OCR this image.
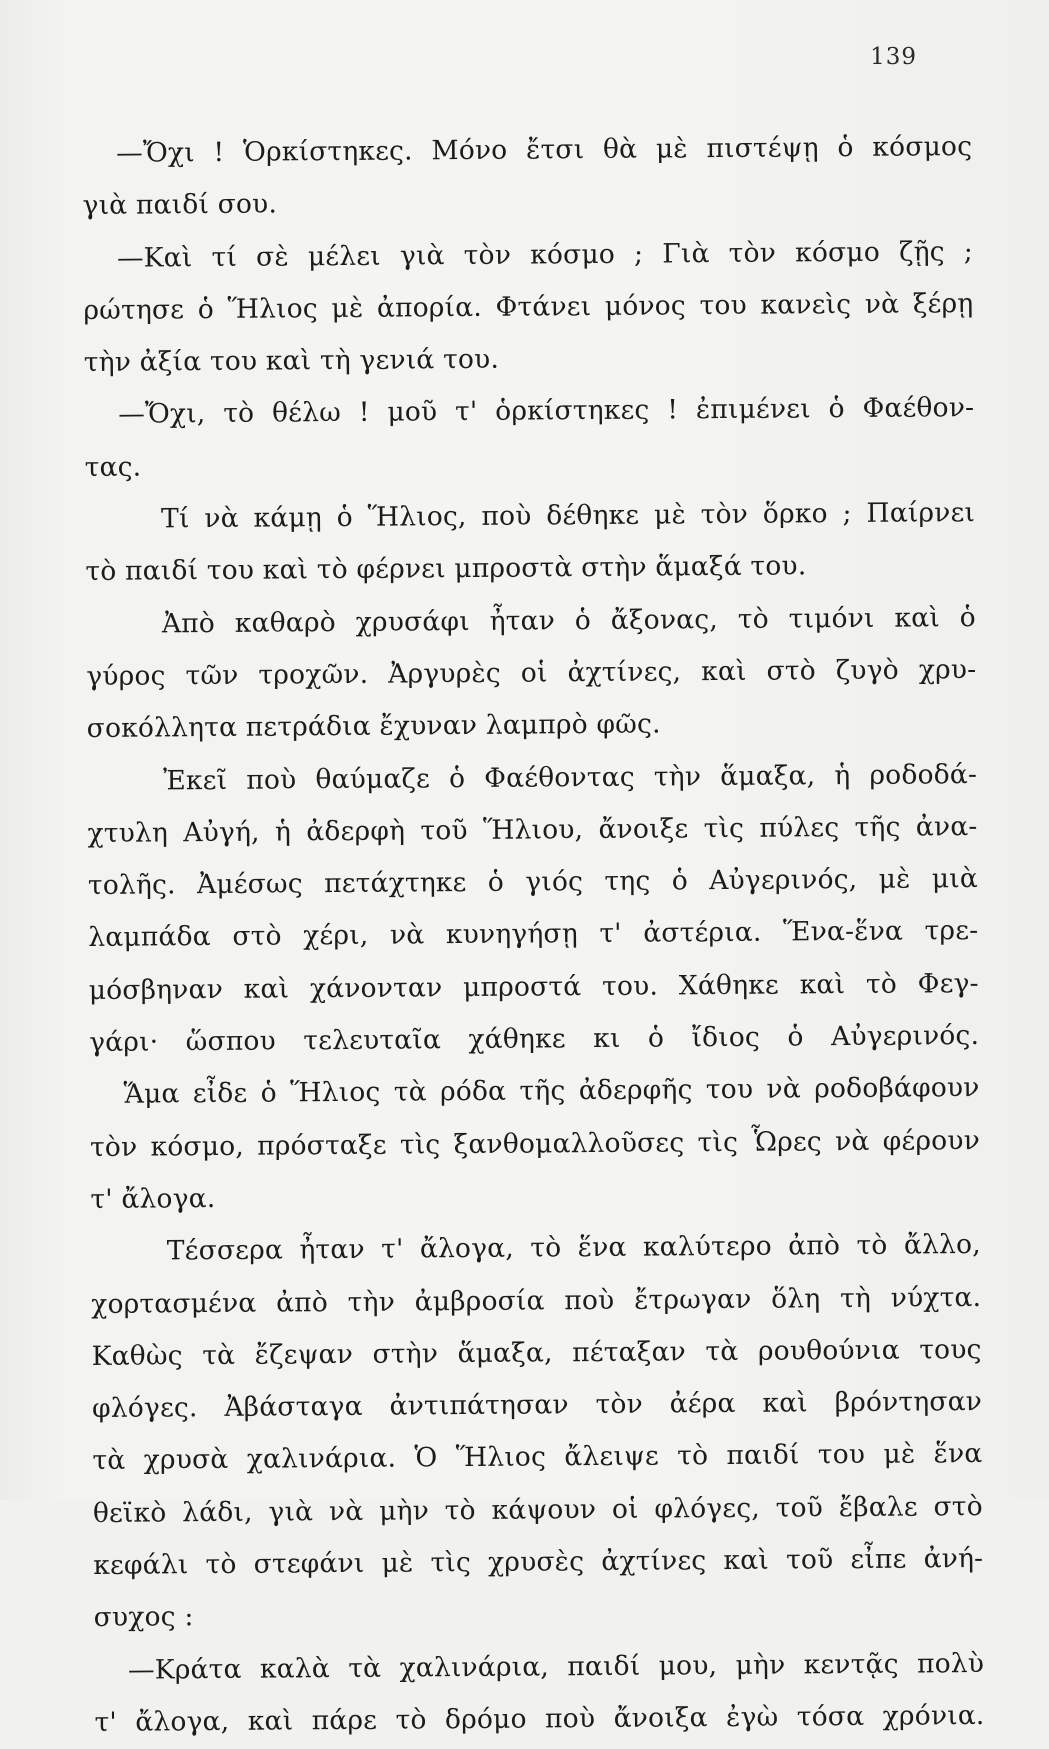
139
—Ὄχι ! Ὁρκίστηκες. Μόνο ἔτσι θὰ μὲ πιστέψῃ ὁ κόσμος
γιὰ παιδί σου.
—Καὶ τί σὲ μέλει γιὰ τὸν κόσμο ; Γιὰ τὸν κόσμο ζῇς ;
ρώτησε ὁ Ἥλιος μὲ ἀπορία. Φτάνει μόνος του κανεὶς νὰ ξέρῃ
τὴν ἀξία του καὶ τὴ γενιά του.
—Ὄχι, τὸ θέλω ! μοῦ τ' ὁρκίστηκες ! ἐπιμένει ὁ Φαέθον-
τας.
Τί νὰ κάμῃ ὁ Ἥλιος, ποὺ δέθηκε μὲ τὸν ὅρκο ; Παίρνει
τὸ παιδί του καὶ τὸ φέρνει μπροστὰ στὴν ἅμαξά του.
Ἀπὸ καθαρὸ χρυσάφι ἦταν ὁ ἄξονας, τὸ τιμόνι καὶ ὁ
γύρος τῶν τροχῶν. Ἀργυρὲς οἱ ἀχτίνες, καὶ στὸ ζυγὸ χρυ-
σοκόλλητα πετράδια ἔχυναν λαμπρὸ φῶς.
Ἐκεῖ ποὺ θαύμαζε ὁ Φαέθοντας τὴν ἅμαξα, ἡ ροδοδά-
χτυλη Αὐγή, ἡ ἀδερφὴ τοῦ Ἥλιου, ἄνοιξε τὶς πύλες τῆς ἀνα-
τολῆς. Ἀμέσως πετάχτηκε ὁ γιός της ὁ Αὐγερινός, μὲ μιὰ
λαμπάδα στὸ χέρι, νὰ κυνηγήσῃ τ' ἀστέρια. Ἕνα-ἕνα τρε-
μόσβηναν καὶ χάνονταν μπροστά του. Χάθηκε καὶ τὸ Φεγ-
γάρι· ὥσπου τελευταῖα χάθηκε κι ὁ ἴδιος ὁ Αὐγερινός.
Ἅμα εἶδε ὁ Ἥλιος τὰ ρόδα τῆς ἀδερφῆς του νὰ ροδοβάφουν
τὸν κόσμο, πρόσταξε τὶς ξανθομαλλοῦσες τὶς Ὧρες νὰ φέρουν
τ' ἄλογα.
Τέσσερα ἦταν τ' ἄλογα, τὸ ἕνα καλύτερο ἀπὸ τὸ ἄλλο,
χορτασμένα ἀπὸ τὴν ἀμβροσία ποὺ ἔτρωγαν ὅλη τὴ νύχτα.
Καθὼς τὰ ἔζεψαν στὴν ἅμαξα, πέταξαν τὰ ρουθούνια τους
φλόγες. Ἀβάσταγα ἀντιπάτησαν τὸν ἀέρα καὶ βρόντησαν
τὰ χρυσὰ χαλινάρια. Ὁ Ἥλιος ἄλειψε τὸ παιδί του μὲ ἕνα
θεϊκὸ λάδι, γιὰ νὰ μὴν τὸ κάψουν οἱ φλόγες, τοῦ ἔβαλε στὸ
κεφάλι τὸ στεφάνι μὲ τὶς χρυσὲς ἀχτίνες καὶ τοῦ εἶπε ἀνή-
συχος :
—Κράτα καλὰ τὰ χαλινάρια, παιδί μου, μὴν κεντᾷς πολὺ
τ' ἄλογα, καὶ πάρε τὸ δρόμο ποὺ ἄνοιξα ἐγὼ τόσα χρόνια.
